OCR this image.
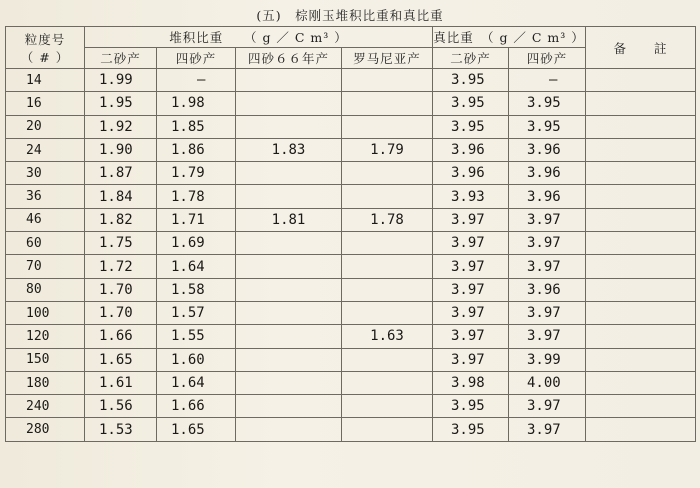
(五)　棕刚玉堆积比重和真比重
粒度号
（ # ）	堆积比重　　（ g ／ C m³ ）				真比重　（ g ／ C m³ ）		备　　註
	二砂产	四砂产	四砂６６年产	罗马尼亚产	二砂产	四砂产	
14	1.99	–			3.95	–	
16	1.95	1.98			3.95	3.95	
20	1.92	1.85			3.95	3.95	
24	1.90	1.86	1.83	1.79	3.96	3.96	
30	1.87	1.79			3.96	3.96	
36	1.84	1.78			3.93	3.96	
46	1.82	1.71	1.81	1.78	3.97	3.97	
60	1.75	1.69			3.97	3.97	
70	1.72	1.64			3.97	3.97	
80	1.70	1.58			3.97	3.96	
100	1.70	1.57			3.97	3.97	
120	1.66	1.55		1.63	3.97	3.97	
150	1.65	1.60			3.97	3.99	
180	1.61	1.64			3.98	4.00	
240	1.56	1.66			3.95	3.97	
280	1.53	1.65			3.95	3.97	
